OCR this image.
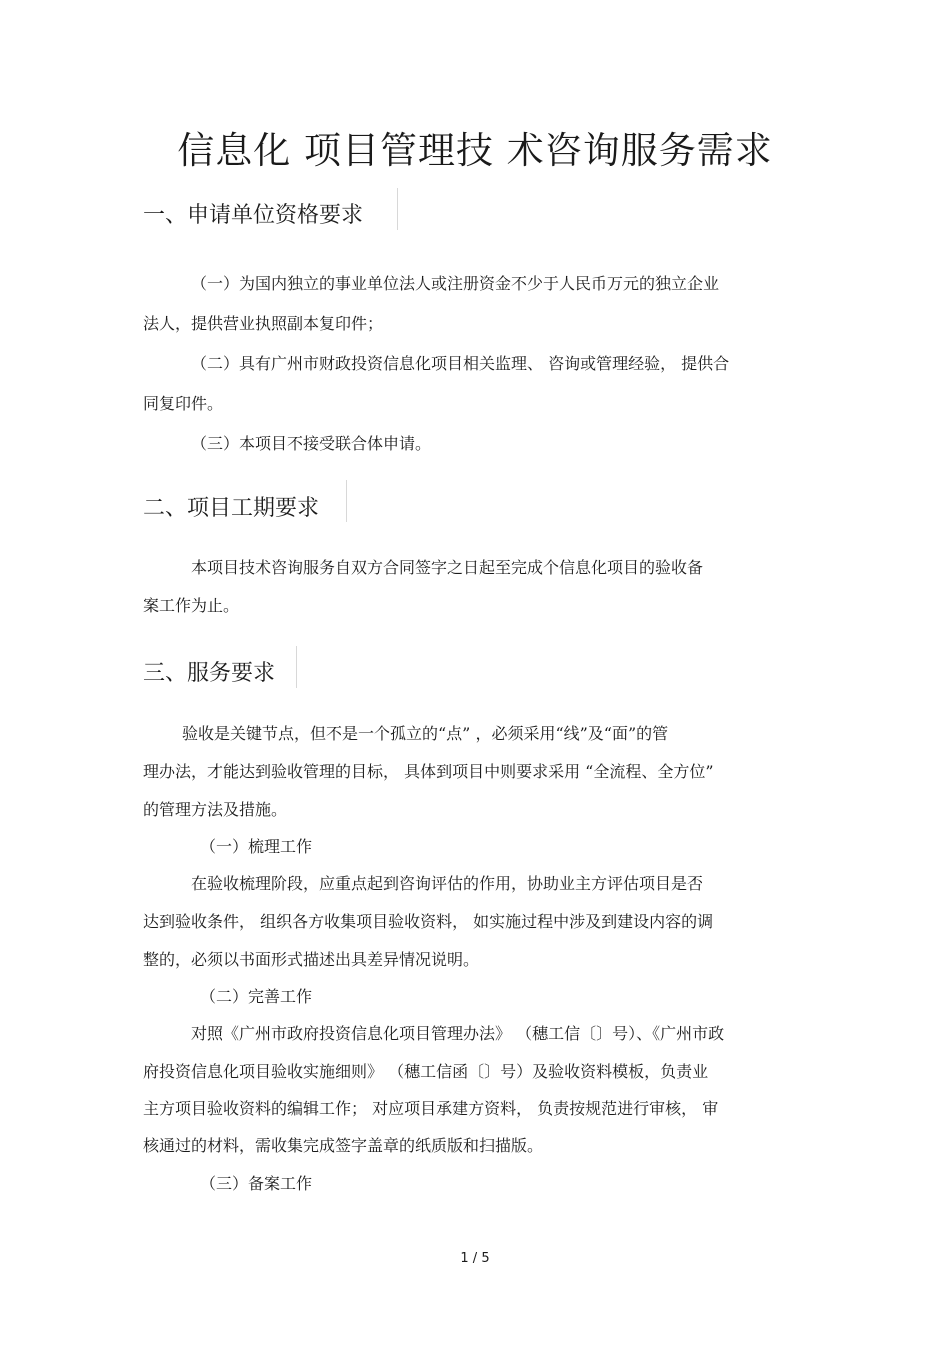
信息化 项目管理技 术咨询服务需求
一、申请单位资格要求
（一）为国内独立的事业单位法人或注册资金不少于人民币万元的独立企业
法人，提供营业执照副本复印件；
（二）具有广州市财政投资信息化项目相关监理、 咨询或管理经验， 提供合
同复印件。
（三）本项目不接受联合体申请。
二、项目工期要求
本项目技术咨询服务自双方合同签字之日起至完成个信息化项目的验收备
案工作为止。
三、服务要求
验收是关键节点，但不是一个孤立的“点” ，必须采用“线”及“面”的管
理办法，才能达到验收管理的目标， 具体到项目中则要求采用 “全流程、全方位”
的管理方法及措施。
（一）梳理工作
在验收梳理阶段，应重点起到咨询评估的作用，协助业主方评估项目是否
达到验收条件， 组织各方收集项目验收资料， 如实施过程中涉及到建设内容的调
整的，必须以书面形式描述出具差异情况说明。
（二）完善工作
对照《广州市政府投资信息化项目管理办法》 （穗工信〔〕号）、《广州市政
府投资信息化项目验收实施细则》 （穗工信函〔〕号）及验收资料模板，负责业
主方项目验收资料的编辑工作； 对应项目承建方资料， 负责按规范进行审核， 审
核通过的材料，需收集完成签字盖章的纸质版和扫描版。
（三）备案工作
1 / 5
